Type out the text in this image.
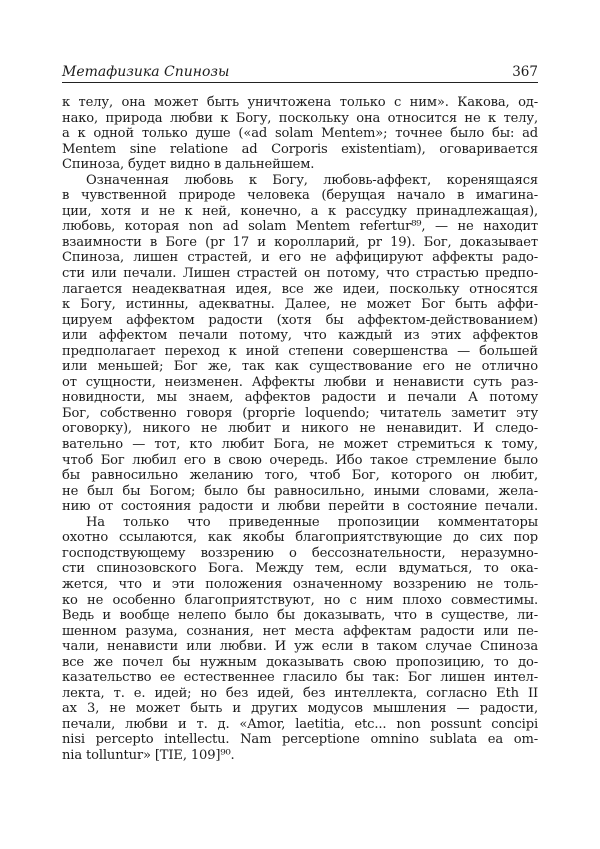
Метафизика Спинозы	367
к телу, она может быть уничтожена только с ним». Какова, од-
нако, природа любви к Богу, поскольку она относится не к телу,
а к одной только душе («ad solam Mentem»; точнее было бы: ad
Mentem sine relatione ad Corporis existentiam), оговаривается
Спиноза, будет видно в дальнейшем.
Означенная любовь к Богу, любовь-аффект, коренящаяся
в чувственной природе человека (берущая начало в имагина-
ции, хотя и не к ней, конечно, а к рассудку принадлежащая),
любовь, которая non ad solam Mentem refertur⁸⁹, — не находит
взаимности в Боге (pr 17 и королларий, pr 19). Бог, доказывает
Спиноза, лишен страстей, и его не аффицируют аффекты радо-
сти или печали. Лишен страстей он потому, что страстью предпо-
лагается неадекватная идея, все же идеи, поскольку относятся
к Богу, истинны, адекватны. Далее, не может Бог быть аффи-
цируем аффектом радости (хотя бы аффектом-действованием)
или аффектом печали потому, что каждый из этих аффектов
предполагает переход к иной степени совершенства — большей
или меньшей; Бог же, так как существование его не отлично
от сущности, неизменен. Аффекты любви и ненависти суть раз-
новидности, мы знаем, аффектов радости и печали А потому
Бог, собственно говоря (proprie loquendo; читатель заметит эту
оговорку), никого не любит и никого не ненавидит. И следо-
вательно — тот, кто любит Бога, не может стремиться к тому,
чтоб Бог любил его в свою очередь. Ибо такое стремление было
бы равносильно желанию того, чтоб Бог, которого он любит,
не был бы Богом; было бы равносильно, иными словами, жела-
нию от состояния радости и любви перейти в состояние печали.
На только что приведенные пропозиции комментаторы
охотно ссылаются, как якобы благоприятствующие до сих пор
господствующему воззрению о бессознательности, неразумно-
сти спинозовского Бога. Между тем, если вдуматься, то ока-
жется, что и эти положения означенному воззрению не толь-
ко не особенно благоприятствуют, но с ним плохо совместимы.
Ведь и вообще нелепо было бы доказывать, что в существе, ли-
шенном разума, сознания, нет места аффектам радости или пе-
чали, ненависти или любви. И уж если в таком случае Спиноза
все же почел бы нужным доказывать свою пропозицию, то до-
казательство ее естественнее гласило бы так: Бог лишен интел-
лекта, т. е. идей; но без идей, без интеллекта, согласно Eth II
ах 3, не может быть и других модусов мышления — радости,
печали, любви и т. д. «Amor, laetitia, etc... non possunt concipi
nisi percepto intellectu. Nam perceptione omnino sublata ea om-
nia tolluntur» [TIE, 109]⁹⁰.
